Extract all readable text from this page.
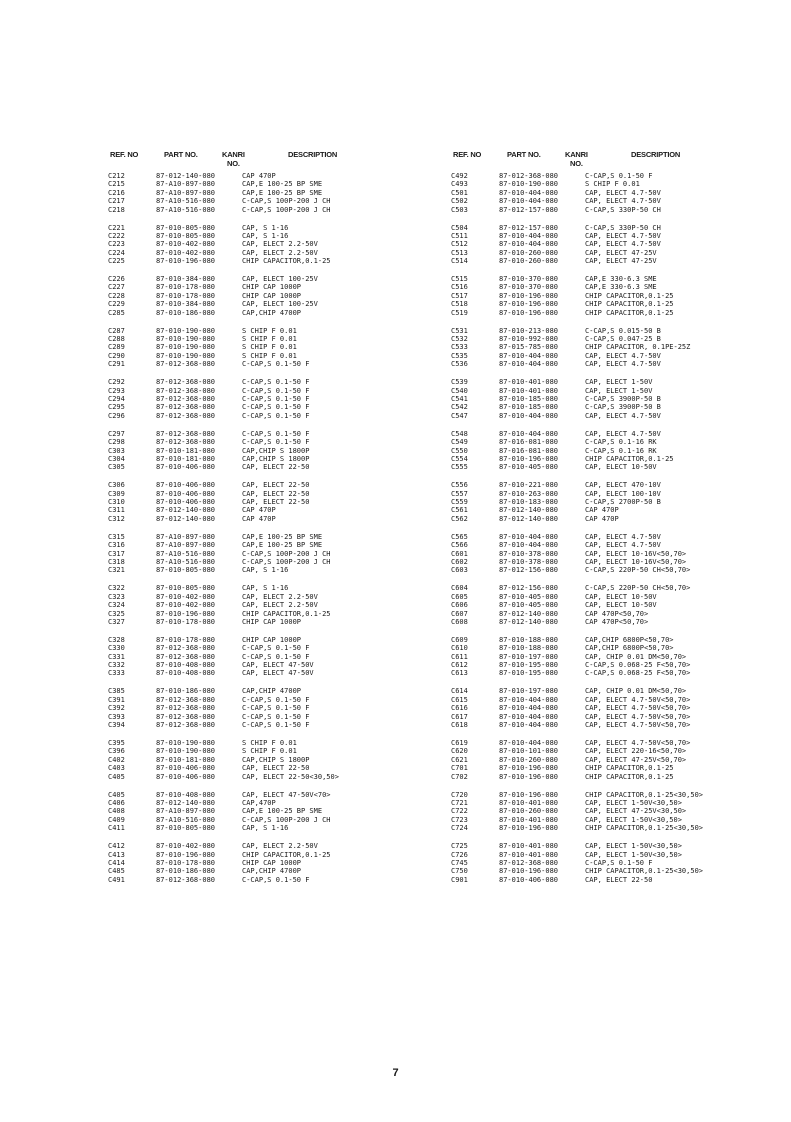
REF. NO	PART NO.	KANRI
NO.
DESCRIPTION
C212	87-012-140-080	CAP 470P
C215	87-A10-897-080	CAP,E 100-25 BP SME
C216	87-A10-897-080	CAP,E 100-25 BP SME
C217	87-A10-516-080	C-CAP,S 100P-200 J CH
C218	87-A10-516-080	C-CAP,S 100P-200 J CH
C221	87-010-805-080	CAP, S 1-16
C222	87-010-805-080	CAP, S 1-16
C223	87-010-402-080	CAP, ELECT 2.2-50V
C224	87-010-402-080	CAP, ELECT 2.2-50V
C225	87-010-196-080	CHIP CAPACITOR,0.1-25
C226	87-010-384-080	CAP, ELECT 100-25V
C227	87-010-178-080	CHIP CAP 1000P
C228	87-010-178-080	CHIP CAP 1000P
C229	87-010-384-080	CAP, ELECT 100-25V
C285	87-010-186-080	CAP,CHIP 4700P
C287	87-010-190-080	S CHIP F 0.01
C288	87-010-190-080	S CHIP F 0.01
C289	87-010-190-080	S CHIP F 0.01
C290	87-010-190-080	S CHIP F 0.01
C291	87-012-368-080	C-CAP,S 0.1-50 F
C292	87-012-368-080	C-CAP,S 0.1-50 F
C293	87-012-368-080	C-CAP,S 0.1-50 F
C294	87-012-368-080	C-CAP,S 0.1-50 F
C295	87-012-368-080	C-CAP,S 0.1-50 F
C296	87-012-368-080	C-CAP,S 0.1-50 F
C297	87-012-368-080	C-CAP,S 0.1-50 F
C298	87-012-368-080	C-CAP,S 0.1-50 F
C303	87-010-181-080	CAP,CHIP S 1800P
C304	87-010-181-080	CAP,CHIP S 1800P
C305	87-010-406-080	CAP, ELECT 22-50
C306	87-010-406-080	CAP, ELECT 22-50
C309	87-010-406-080	CAP, ELECT 22-50
C310	87-010-406-080	CAP, ELECT 22-50
C311	87-012-140-080	CAP 470P
C312	87-012-140-080	CAP 470P
C315	87-A10-897-080	CAP,E 100-25 BP SME
C316	87-A10-897-080	CAP,E 100-25 BP SME
C317	87-A10-516-080	C-CAP,S 100P-200 J CH
C318	87-A10-516-080	C-CAP,S 100P-200 J CH
C321	87-010-805-080	CAP, S 1-16
C322	87-010-805-080	CAP, S 1-16
C323	87-010-402-080	CAP, ELECT 2.2-50V
C324	87-010-402-080	CAP, ELECT 2.2-50V
C325	87-010-196-080	CHIP CAPACITOR,0.1-25
C327	87-010-178-080	CHIP CAP 1000P
C328	87-010-178-080	CHIP CAP 1000P
C330	87-012-368-080	C-CAP,S 0.1-50 F
C331	87-012-368-080	C-CAP,S 0.1-50 F
C332	87-010-408-080	CAP, ELECT 47-50V
C333	87-010-408-080	CAP, ELECT 47-50V
C385	87-010-186-080	CAP,CHIP 4700P
C391	87-012-368-080	C-CAP,S 0.1-50 F
C392	87-012-368-080	C-CAP,S 0.1-50 F
C393	87-012-368-080	C-CAP,S 0.1-50 F
C394	87-012-368-080	C-CAP,S 0.1-50 F
C395	87-010-190-080	S CHIP F 0.01
C396	87-010-190-080	S CHIP F 0.01
C402	87-010-181-080	CAP,CHIP S 1800P
C403	87-010-406-080	CAP, ELECT 22-50
C405	87-010-406-080	CAP, ELECT 22-50<30,50>
C405	87-010-408-080	CAP, ELECT 47-50V<70>
C406	87-012-140-080	CAP,470P
C408	87-A10-897-080	CAP,E 100-25 BP SME
C409	87-A10-516-080	C-CAP,S 100P-200 J CH
C411	87-010-805-080	CAP, S 1-16
C412	87-010-402-080	CAP, ELECT 2.2-50V
C413	87-010-196-080	CHIP CAPACITOR,0.1-25
C414	87-010-178-080	CHIP CAP 1000P
C485	87-010-186-080	CAP,CHIP 4700P
C491	87-012-368-080	C-CAP,S 0.1-50 F
REF. NO	PART NO.	KANRI
NO.
DESCRIPTION
C492	87-012-368-080	C-CAP,S 0.1-50 F
C493	87-010-190-080	S CHIP F 0.01
C501	87-010-404-080	CAP, ELECT 4.7-50V
C502	87-010-404-080	CAP, ELECT 4.7-50V
C503	87-012-157-080	C-CAP,S 330P-50 CH
C504	87-012-157-080	C-CAP,S 330P-50 CH
C511	87-010-404-080	CAP, ELECT 4.7-50V
C512	87-010-404-080	CAP, ELECT 4.7-50V
C513	87-010-260-080	CAP, ELECT 47-25V
C514	87-010-260-080	CAP, ELECT 47-25V
C515	87-010-370-080	CAP,E 330-6.3 SME
C516	87-010-370-080	CAP,E 330-6.3 SME
C517	87-010-196-080	CHIP CAPACITOR,0.1-25
C518	87-010-196-080	CHIP CAPACITOR,0.1-25
C519	87-010-196-080	CHIP CAPACITOR,0.1-25
C531	87-010-213-080	C-CAP,S 0.015-50 B
C532	87-010-992-080	C-CAP,S 0.047-25 B
C533	87-015-785-080	CHIP CAPACITOR, 0.1PE-25Z
C535	87-010-404-080	CAP, ELECT 4.7-50V
C536	87-010-404-080	CAP, ELECT 4.7-50V
C539	87-010-401-080	CAP, ELECT 1-50V
C540	87-010-401-080	CAP, ELECT 1-50V
C541	87-010-185-080	C-CAP,S 3900P-50 B
C542	87-010-185-080	C-CAP,S 3900P-50 B
C547	87-010-404-080	CAP, ELECT 4.7-50V
C548	87-010-404-080	CAP, ELECT 4.7-50V
C549	87-016-081-080	C-CAP,S 0.1-16 RK
C550	87-016-081-080	C-CAP,S 0.1-16 RK
C554	87-010-196-080	CHIP CAPACITOR,0.1-25
C555	87-010-405-080	CAP, ELECT 10-50V
C556	87-010-221-080	CAP, ELECT 470-10V
C557	87-010-263-080	CAP, ELECT 100-10V
C559	87-010-183-080	C-CAP,S 2700P-50 B
C561	87-012-140-080	CAP 470P
C562	87-012-140-080	CAP 470P
C565	87-010-404-080	CAP, ELECT 4.7-50V
C566	87-010-404-080	CAP, ELECT 4.7-50V
C601	87-010-378-080	CAP, ELECT 10-16V<50,70>
C602	87-010-378-080	CAP, ELECT 10-16V<50,70>
C603	87-012-156-080	C-CAP,S 220P-50 CH<50,70>
C604	87-012-156-080	C-CAP,S 220P-50 CH<50,70>
C605	87-010-405-080	CAP, ELECT 10-50V
C606	87-010-405-080	CAP, ELECT 10-50V
C607	87-012-140-080	CAP 470P<50,70>
C608	87-012-140-080	CAP 470P<50,70>
C609	87-010-188-080	CAP,CHIP 6800P<50,70>
C610	87-010-188-080	CAP,CHIP 6800P<50,70>
C611	87-010-197-080	CAP, CHIP 0.01 DM<50,70>
C612	87-010-195-080	C-CAP,S 0.068-25 F<50,70>
C613	87-010-195-080	C-CAP,S 0.068-25 F<50,70>
C614	87-010-197-080	CAP, CHIP 0.01 DM<50,70>
C615	87-010-404-080	CAP, ELECT 4.7-50V<50,70>
C616	87-010-404-080	CAP, ELECT 4.7-50V<50,70>
C617	87-010-404-080	CAP, ELECT 4.7-50V<50,70>
C618	87-010-404-080	CAP, ELECT 4.7-50V<50,70>
C619	87-010-404-080	CAP, ELECT 4.7-50V<50,70>
C620	87-010-101-080	CAP, ELECT 220-16<50,70>
C621	87-010-260-080	CAP, ELECT 47-25V<50,70>
C701	87-010-196-080	CHIP CAPACITOR,0.1-25
C702	87-010-196-080	CHIP CAPACITOR,0.1-25
C720	87-010-196-080	CHIP CAPACITOR,0.1-25<30,50>
C721	87-010-401-080	CAP, ELECT 1-50V<30,50>
C722	87-010-260-080	CAP, ELECT 47-25V<30,50>
C723	87-010-401-080	CAP, ELECT 1-50V<30,50>
C724	87-010-196-080	CHIP CAPACITOR,0.1-25<30,50>
C725	87-010-401-080	CAP, ELECT 1-50V<30,50>
C726	87-010-401-080	CAP, ELECT 1-50V<30,50>
C745	87-012-368-080	C-CAP,S 0.1-50 F
C750	87-010-196-080	CHIP CAPACITOR,0.1-25<30,50>
C901	87-010-406-080	CAP, ELECT 22-50
7
